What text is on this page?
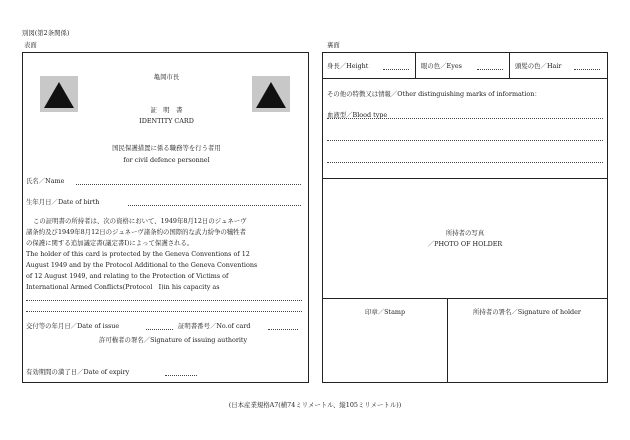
別図(第2条関係)
表面	裏面
亀岡市長
証　明　書
IDENTITY CARD
国民保護措置に係る職務等を行う者用
for civil defence personnel
氏名／Name
生年月日／Date of birth
この証明書の所持者は、次の資格において、1949年8月12日のジュネーヴ
諸条約及び1949年8月12日のジュネーヴ諸条約の国際的な武力紛争の犠牲者
の保護に関する追加議定書(議定書Ⅰ)によって保護される。
The holder of this card is protected by the Geneva Conventions of 12
August 1949 and by the Protocol Additional to the Geneva Conventions
of 12 August 1949, and relating to the Protection of Victims of
International Armed Conflicts(Protocol　Ⅰ)in his capacity as
交付等の年月日／Date of issue	証明書番号／No.of card
許可権者の署名／Signature of issuing authority
有効期間の満了日／Date of expiry
身長／Height	眼の色／Eyes	頭髪の色／Hair
その他の特徴又は情報／Other distinguishing marks of information：
血液型／Blood type
所持者の写真
／PHOTO OF HOLDER
印章／Stamp	所持者の署名／Signature of holder
(日本産業規格A7(横74ミリメートル、縦105ミリメートル))
